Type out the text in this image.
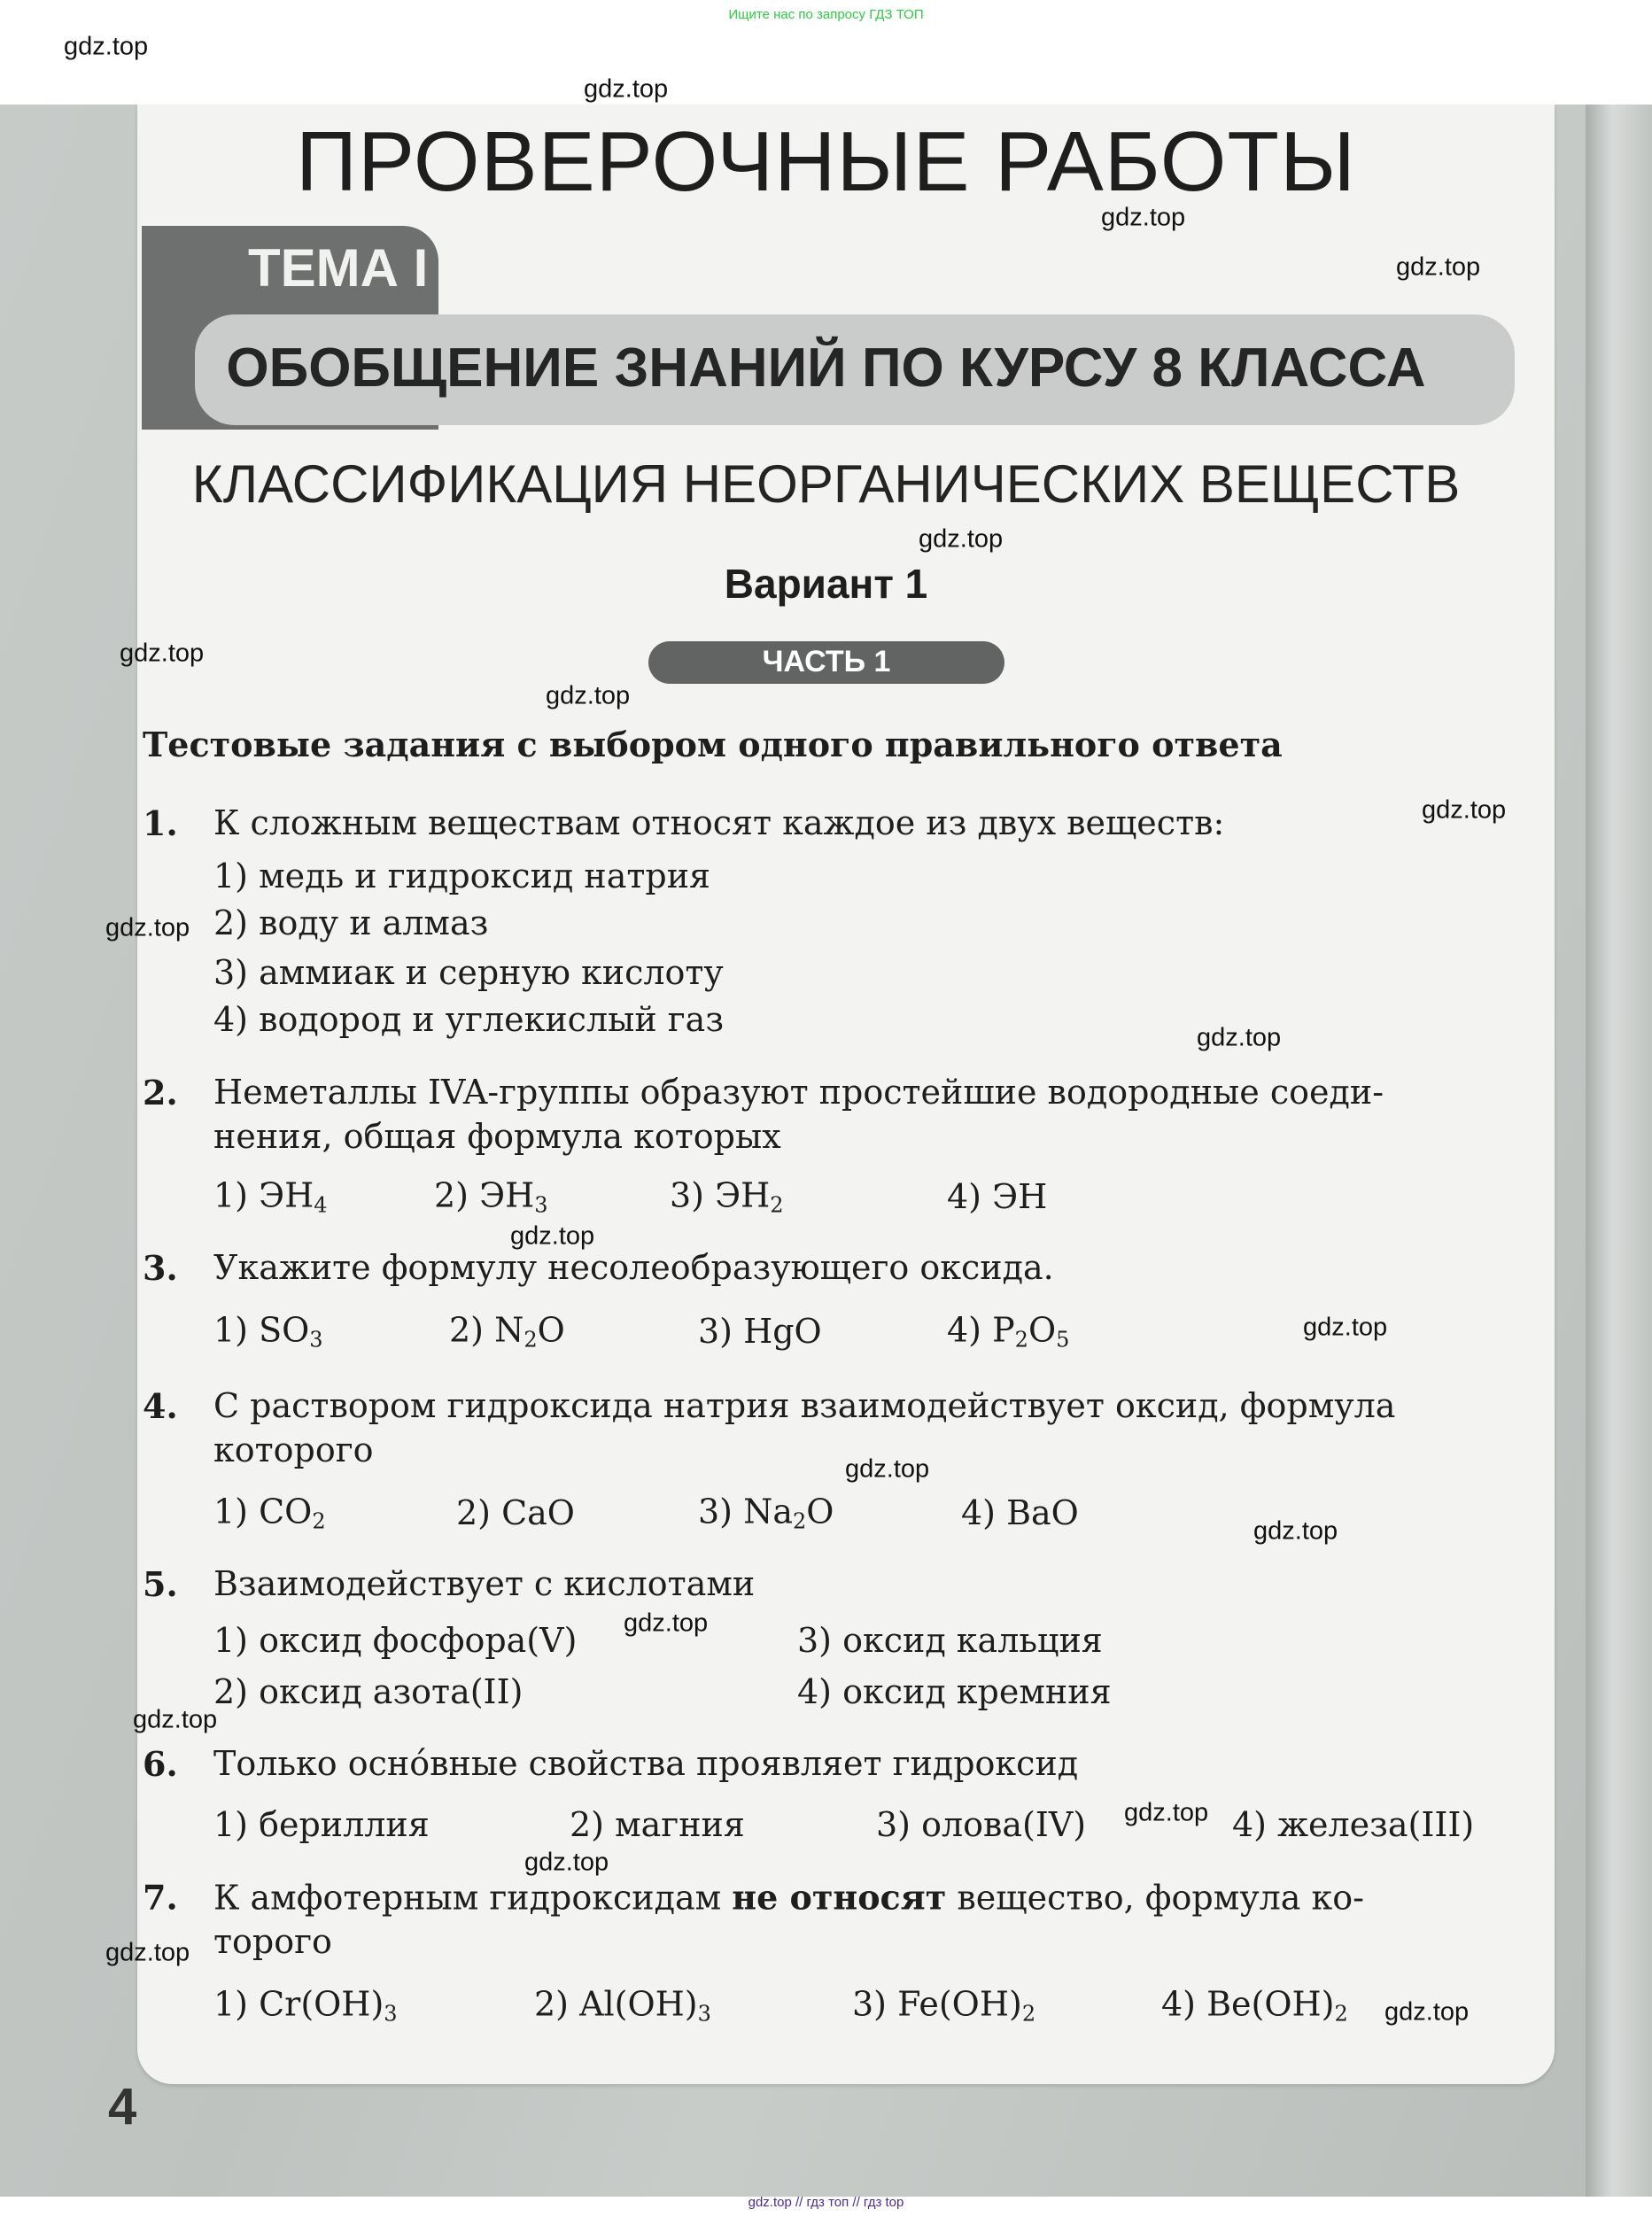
Ищите нас по запросу ГДЗ ТОП
gdz.top // гдз топ // гдз top
ПРОВЕРОЧНЫЕ РАБОТЫ
ТЕМА I
ОБОБЩЕНИЕ ЗНАНИЙ ПО КУРСУ 8 КЛАССА
КЛАССИФИКАЦИЯ НЕОРГАНИЧЕСКИХ ВЕЩЕСТВ
Вариант 1
ЧАСТЬ 1
Тестовые задания с выбором одного правильного ответа
4
1. К сложным веществам относят каждое из двух веществ:
1) медь и гидроксид натрия
2) воду и алмаз
3) аммиак и серную кислоту
4) водород и углекислый газ
2. Неметаллы IVA-группы образуют простейшие водородные соеди-
нения, общая формула которых
1) $ЭН_4$	2) $ЭН_3$	3) $ЭН_2$	4) ЭН
3. Укажите формулу несолеобразующего оксида.
1) $SO_3$	2) $N_2O$	3) HgO	4) $P_2O_5$
4. С раствором гидроксида натрия взаимодействует оксид, формула
которого
1) $CO_2$	2) CaO	3) $Na_2O$	4) BaO
5. Взаимодействует с кислотами
1) оксид фосфора(V)	3) оксид кальция
2) оксид азота(II)	4) оксид кремния
6. Только оснóвные свойства проявляет гидроксид
1) бериллия	2) магния	3) олова(IV)	4) железа(III)
7. К амфотерным гидроксидам не относят вещество, формула ко-
торого
1) $Cr(OH)_3$	2) $Al(OH)_3$	3) $Fe(OH)_2$	4) $Be(OH)_2$
gdz.top
gdz.top
gdz.top
gdz.top
gdz.top
gdz.top
gdz.top
gdz.top
gdz.top
gdz.top
gdz.top
gdz.top
gdz.top
gdz.top
gdz.top
gdz.top
gdz.top
gdz.top
gdz.top
gdz.top
